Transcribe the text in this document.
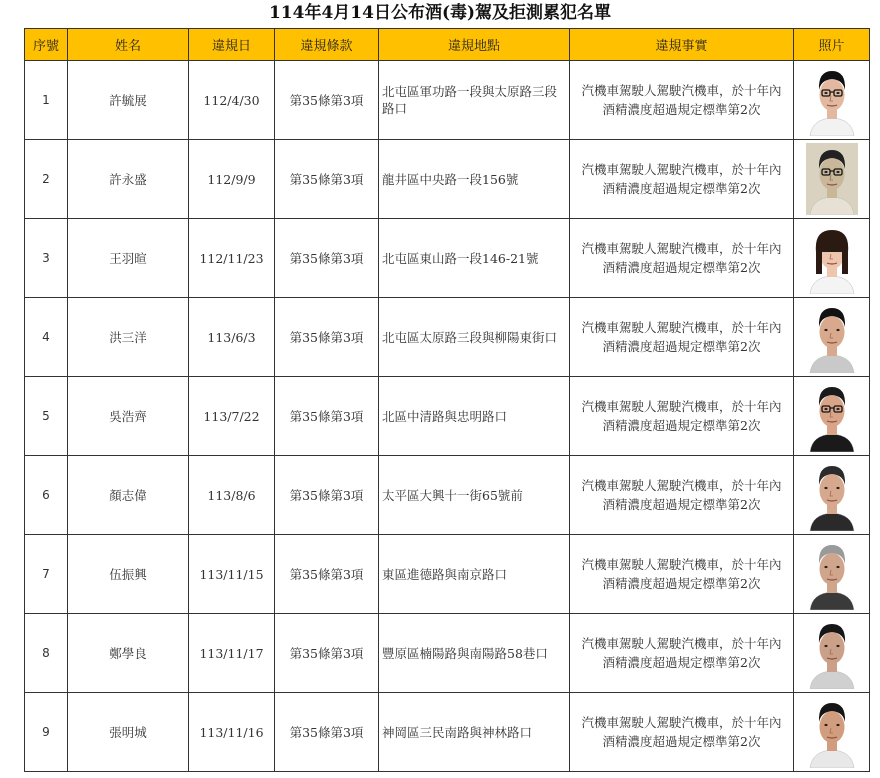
114年4月14日公布酒(毒)駕及拒測累犯名單
序號	姓名	違規日	違規條款	違規地點	違規事實	照片
1	許毓展	112/4/30	第35條第3項	北屯區軍功路一段與太原路三段路口	汽機車駕駛人駕駛汽機車，於十年內
酒精濃度超過規定標準第2次	
2	許永盛	112/9/9	第35條第3項	龍井區中央路一段156號	汽機車駕駛人駕駛汽機車，於十年內
酒精濃度超過規定標準第2次	
3	王羽暄	112/11/23	第35條第3項	北屯區東山路一段146-21號	汽機車駕駛人駕駛汽機車，於十年內
酒精濃度超過規定標準第2次	
4	洪三洋	113/6/3	第35條第3項	北屯區太原路三段與柳陽東街口	汽機車駕駛人駕駛汽機車，於十年內
酒精濃度超過規定標準第2次	
5	吳浩齊	113/7/22	第35條第3項	北區中清路與忠明路口	汽機車駕駛人駕駛汽機車，於十年內
酒精濃度超過規定標準第2次	
6	顏志偉	113/8/6	第35條第3項	太平區大興十一街65號前	汽機車駕駛人駕駛汽機車，於十年內
酒精濃度超過規定標準第2次	
7	伍振興	113/11/15	第35條第3項	東區進德路與南京路口	汽機車駕駛人駕駛汽機車，於十年內
酒精濃度超過規定標準第2次	
8	鄭學良	113/11/17	第35條第3項	豐原區楠陽路與南陽路58巷口	汽機車駕駛人駕駛汽機車，於十年內
酒精濃度超過規定標準第2次	
9	張明城	113/11/16	第35條第3項	神岡區三民南路與神林路口	汽機車駕駛人駕駛汽機車，於十年內
酒精濃度超過規定標準第2次	
